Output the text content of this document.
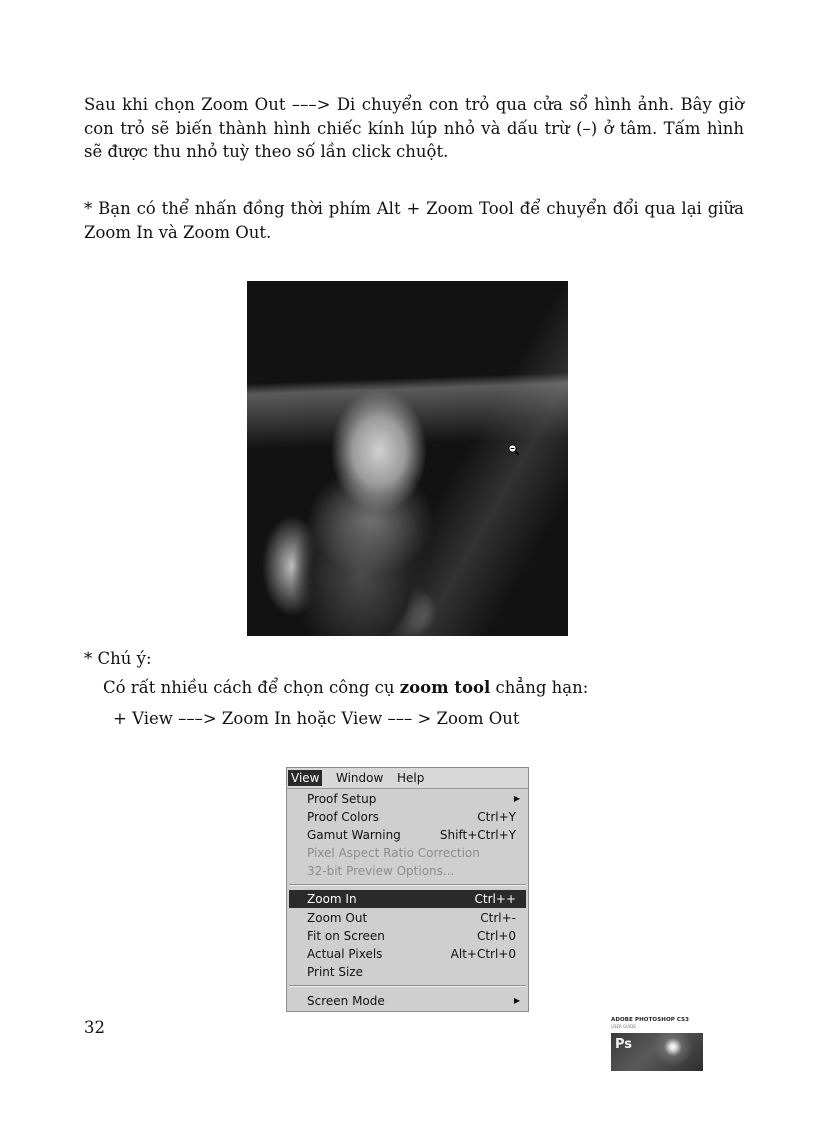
Sau khi chọn Zoom Out –––> Di chuyển con trỏ qua cửa sổ hình ảnh. Bây giờ con trỏ sẽ biến thành hình chiếc kính lúp nhỏ và dấu trừ (–) ở tâm. Tấm hình sẽ được thu nhỏ tuỳ theo số lần click chuột.

* Bạn có thể nhấn đồng thời phím Alt + Zoom Tool để chuyển đổi qua lại giữa Zoom In và Zoom Out.

* Chú ý:
Có rất nhiều cách để chọn công cụ zoom tool chẳng hạn:
+ View –––> Zoom In hoặc View ––– > Zoom Out
View Window Help
Proof Setup	▶
Proof Colors	Ctrl+Y
Gamut Warning	Shift+Ctrl+Y
Pixel Aspect Ratio Correction
32-bit Preview Options...
Zoom In	Ctrl++
Zoom Out	Ctrl+-
Fit on Screen	Ctrl+0
Actual Pixels	Alt+Ctrl+0
Print Size
Screen Mode	▶
32	ADOBE PHOTOSHOP CS3
USER GUIDE
Ps
